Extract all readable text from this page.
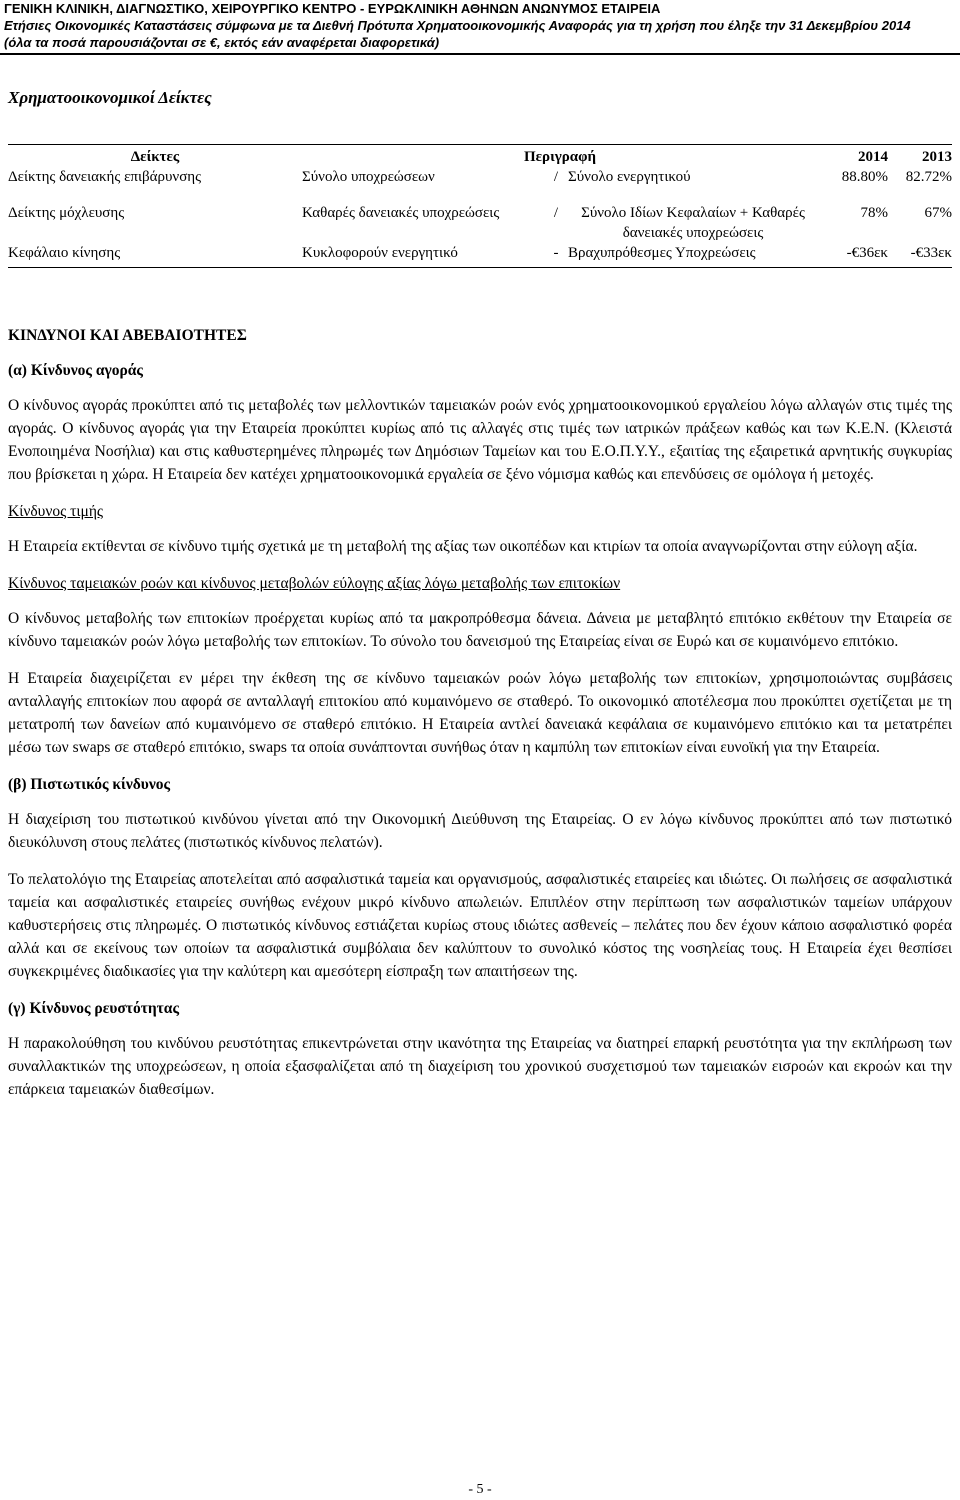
ΓΕΝΙΚΗ ΚΛΙΝΙΚΗ, ΔΙΑΓΝΩΣΤΙΚΟ, ΧΕΙΡΟΥΡΓΙΚΟ ΚΕΝΤΡΟ - ΕΥΡΩΚΛΙΝΙΚΗ ΑΘΗΝΩΝ ΑΝΩΝΥΜΟΣ ΕΤΑΙΡΕΙΑ
Ετήσιες Οικονομικές Καταστάσεις σύμφωνα με τα Διεθνή Πρότυπα Χρηματοοικονομικής Αναφοράς για τη χρήση που έληξε την 31 Δεκεμβρίου 2014
(όλα τα ποσά παρουσιάζονται σε €, εκτός εάν αναφέρεται διαφορετικά)
Χρηματοοικονομικοί Δείκτες
Δείκτες	Περιγραφή			2014	2013
Δείκτης δανειακής επιβάρυνσης	Σύνολο υποχρεώσεων	/	Σύνολο ενεργητικού	88.80%	82.72%
Δείκτης μόχλευσης	Καθαρές δανειακές υποχρεώσεις	/	Σύνολο Ιδίων Κεφαλαίων + Καθαρές δανειακές υποχρεώσεις	78%	67%
Κεφάλαιο κίνησης	Κυκλοφορούν ενεργητικό	-	Βραχυπρόθεσμες Υποχρεώσεις	-€36εκ	-€33εκ
ΚΙΝΔΥΝΟΙ ΚΑΙ ΑΒΕΒΑΙΟΤΗΤΕΣ
(α) Κίνδυνος αγοράς

Ο κίνδυνος αγοράς προκύπτει από τις μεταβολές των μελλοντικών ταμειακών ροών ενός χρηματοοικονομικού εργαλείου λόγω αλλαγών στις τιμές της αγοράς. Ο κίνδυνος αγοράς για την Εταιρεία προκύπτει κυρίως από τις αλλαγές στις τιμές των ιατρικών πράξεων καθώς και των Κ.Ε.Ν. (Κλειστά Ενοποιημένα Νοσήλια) και στις καθυστερημένες πληρωμές των Δημόσιων Ταμείων και του Ε.Ο.Π.Υ.Υ., εξαιτίας της εξαιρετικά αρνητικής συγκυρίας που βρίσκεται η χώρα. Η Εταιρεία δεν κατέχει χρηματοοικονομικά εργαλεία σε ξένο νόμισμα καθώς και επενδύσεις σε ομόλογα ή μετοχές.

Κίνδυνος τιμής

Η Εταιρεία εκτίθενται σε κίνδυνο τιμής σχετικά με τη μεταβολή της αξίας των οικοπέδων και κτιρίων τα οποία αναγνωρίζονται στην εύλογη αξία.

Κίνδυνος ταμειακών ροών και κίνδυνος μεταβολών εύλογης αξίας λόγω μεταβολής των επιτοκίων

Ο κίνδυνος μεταβολής των επιτοκίων προέρχεται κυρίως από τα μακροπρόθεσμα δάνεια. Δάνεια με μεταβλητό επιτόκιο εκθέτουν την Εταιρεία σε κίνδυνο ταμειακών ροών λόγω μεταβολής των επιτοκίων. Το σύνολο του δανεισμού της Εταιρείας είναι σε Ευρώ και σε κυμαινόμενο επιτόκιο.

Η Εταιρεία διαχειρίζεται εν μέρει την έκθεση της σε κίνδυνο ταμειακών ροών λόγω μεταβολής των επιτοκίων, χρησιμοποιώντας συμβάσεις ανταλλαγής επιτοκίων που αφορά σε ανταλλαγή επιτοκίου από κυμαινόμενο σε σταθερό. Το οικονομικό αποτέλεσμα που προκύπτει σχετίζεται με τη μετατροπή των δανείων από κυμαινόμενο σε σταθερό επιτόκιο. Η Εταιρεία αντλεί δανειακά κεφάλαια σε κυμαινόμενο επιτόκιο και τα μετατρέπει μέσω των swaps σε σταθερό επιτόκιο, swaps τα οποία συνάπτονται συνήθως όταν η καμπύλη των επιτοκίων είναι ευνοϊκή για την Εταιρεία.

(β) Πιστωτικός κίνδυνος

Η διαχείριση του πιστωτικού κινδύνου γίνεται από την Οικονομική Διεύθυνση της Εταιρείας. Ο εν λόγω κίνδυνος προκύπτει από των πιστωτικό διευκόλυνση στους πελάτες (πιστωτικός κίνδυνος πελατών).

Το πελατολόγιο της Εταιρείας αποτελείται από ασφαλιστικά ταμεία και οργανισμούς, ασφαλιστικές εταιρείες και ιδιώτες. Οι πωλήσεις σε ασφαλιστικά ταμεία και ασφαλιστικές εταιρείες συνήθως ενέχουν μικρό κίνδυνο απωλειών. Επιπλέον στην περίπτωση των ασφαλιστικών ταμείων υπάρχουν καθυστερήσεις στις πληρωμές. Ο πιστωτικός κίνδυνος εστιάζεται κυρίως στους ιδιώτες ασθενείς – πελάτες που δεν έχουν κάποιο ασφαλιστικό φορέα αλλά και σε εκείνους των οποίων τα ασφαλιστικά συμβόλαια δεν καλύπτουν το συνολικό κόστος της νοσηλείας τους. Η Εταιρεία έχει θεσπίσει συγκεκριμένες διαδικασίες για την καλύτερη και αμεσότερη είσπραξη των απαιτήσεων της.

(γ) Κίνδυνος ρευστότητας

Η παρακολούθηση του κινδύνου ρευστότητας επικεντρώνεται στην ικανότητα της Εταιρείας να διατηρεί επαρκή ρευστότητα για την εκπλήρωση των συναλλακτικών της υποχρεώσεων, η οποία εξασφαλίζεται από τη διαχείριση του χρονικού συσχετισμού των ταμειακών εισροών και εκροών και την επάρκεια ταμειακών διαθεσίμων.

- 5 -
